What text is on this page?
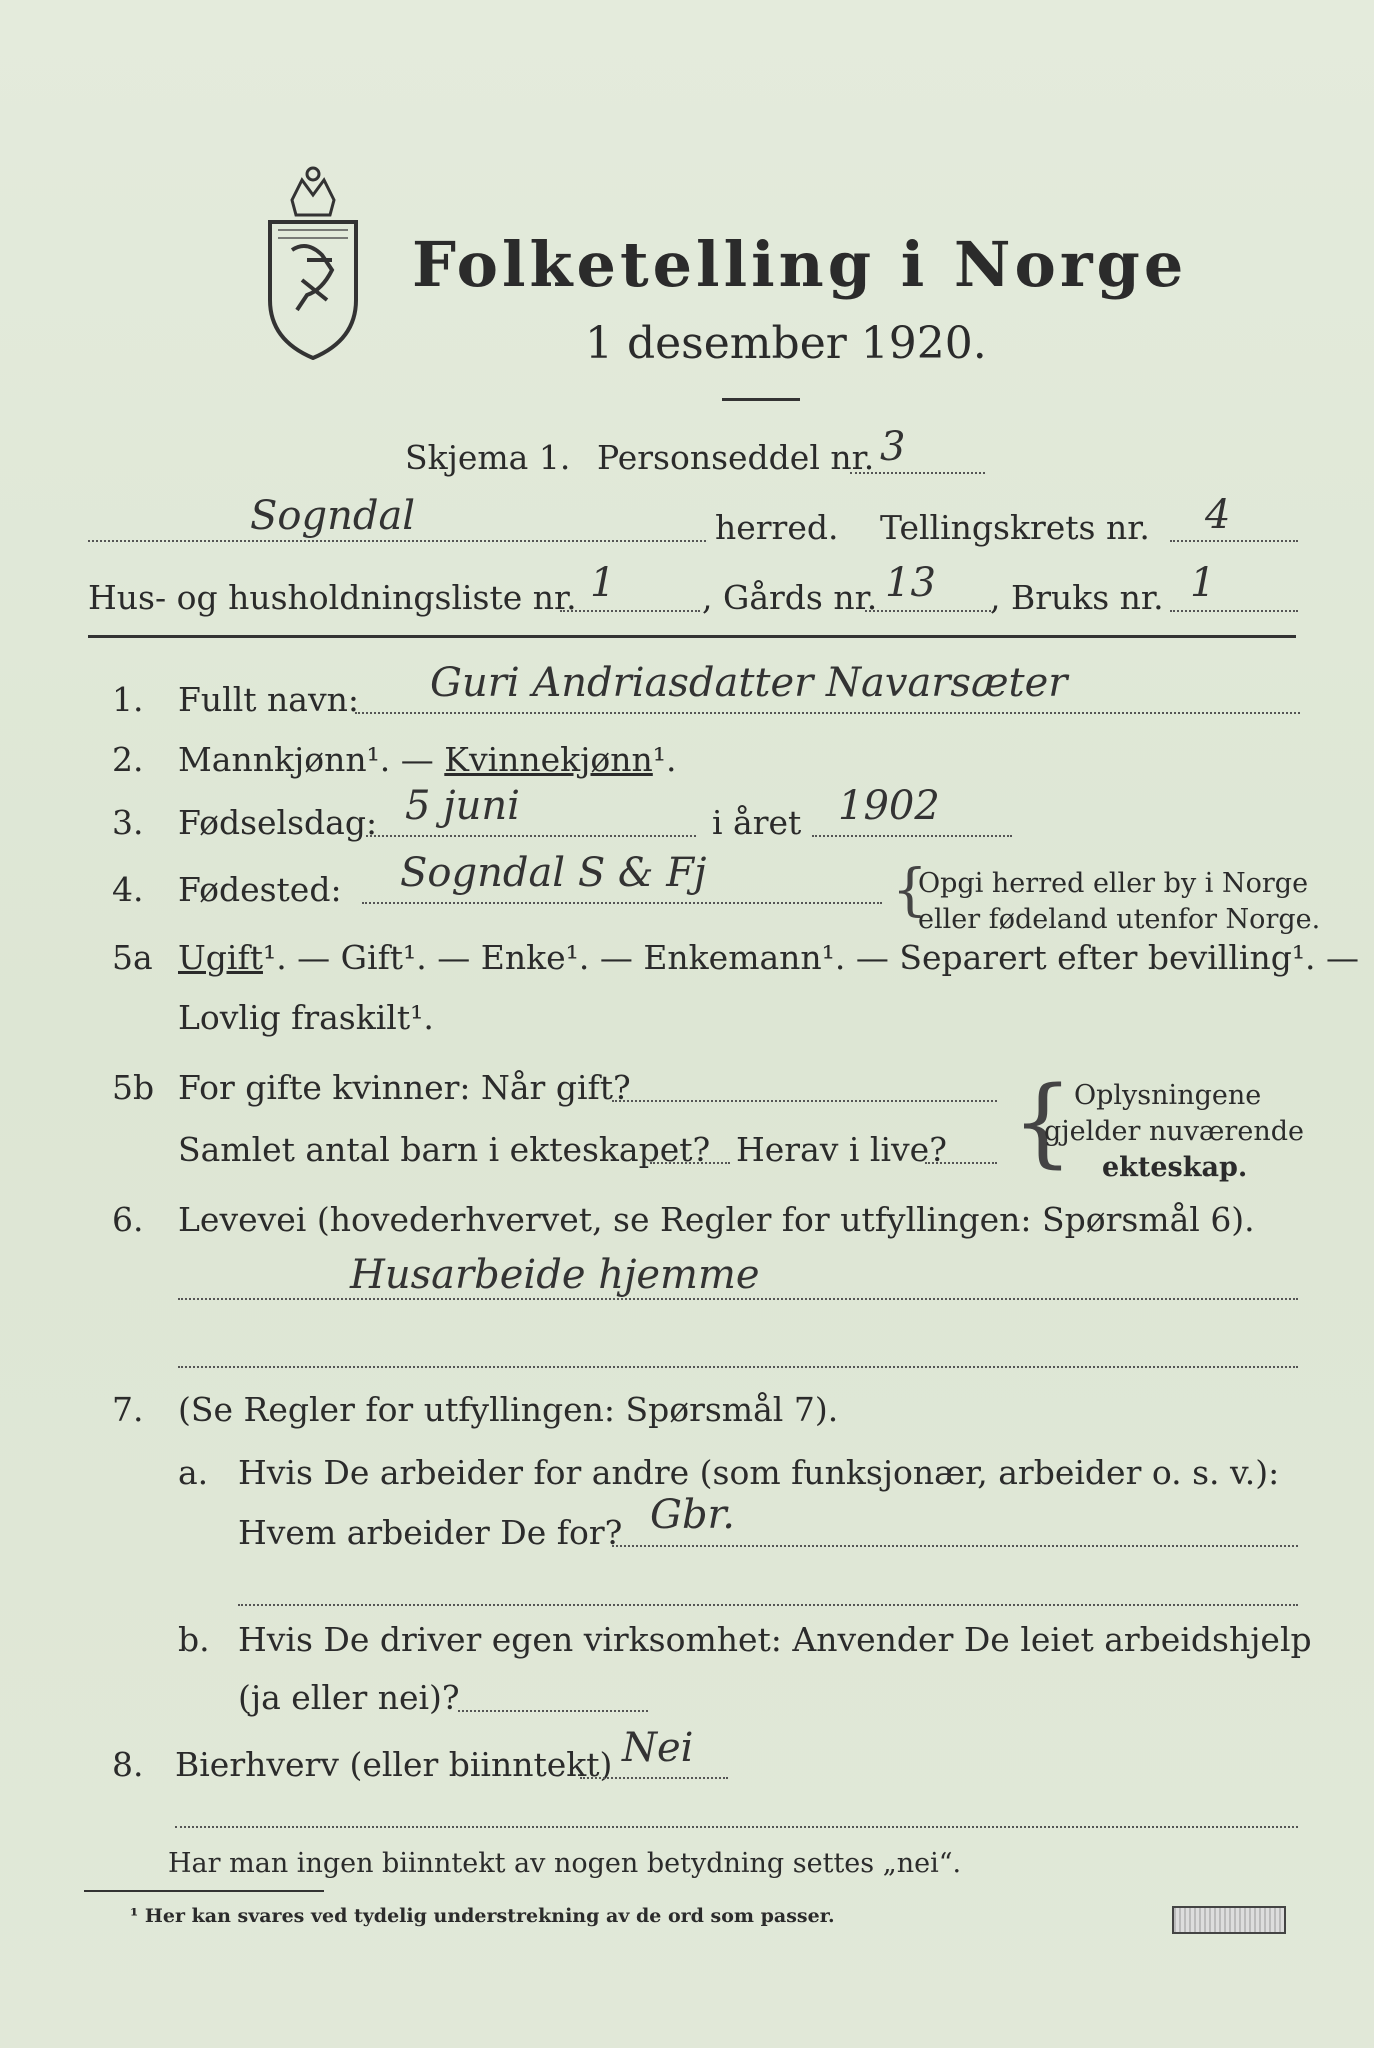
Folketelling i Norge
1 desember 1920.
Skjema 1. Personseddel nr. 3
Sogndal	herred. Tellingskrets nr. 4
Hus- og husholdningsliste nr. 1	, Gårds nr. 13 , Bruks nr. 1
1. Fullt navn: Guri Andriasdatter Navarsæter
2. Mannkjønn¹. — Kvinnekjønn¹.
3. Fødselsdag: 5 juni	i året 1902
4. Fødested: Sogndal S & Fj	{
Opgi herred eller by i Norge
eller fødeland utenfor Norge.
5a Ugift¹. — Gift¹. — Enke¹. — Enkemann¹. — Separert efter bevilling¹. —
Lovlig fraskilt¹.
5b For gifte kvinner: Når gift?
Samlet antal barn i ekteskapet? Herav i live? { Oplysningene
gjelder nuværende
ekteskap.
6. Levevei (hovederhvervet, se Regler for utfyllingen: Spørsmål 6).
Husarbeide hjemme
7. (Se Regler for utfyllingen: Spørsmål 7).
a. Hvis De arbeider for andre (som funksjonær, arbeider o. s. v.):
Hvem arbeider De for? Gbr.
b. Hvis De driver egen virksomhet: Anvender De leiet arbeidshjelp
(ja eller nei)?
8. Bierhverv (eller biinntekt) Nei
Har man ingen biinntekt av nogen betydning settes „nei“.
¹ Her kan svares ved tydelig understrekning av de ord som passer.
